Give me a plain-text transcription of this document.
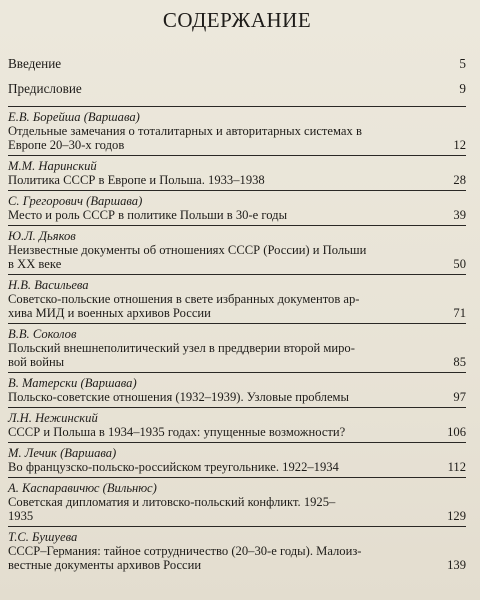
СОДЕРЖАНИЕ
Введение	5
Предисловие	9
Е.В. Борейша (Варшава)
Отдельные замечания о тоталитарных и авторитарных системах в
Европе 20–30-х годов	12
М.М. Наринский
Политика СССР в Европе и Польша. 1933–1938	28
С. Грегорович (Варшава)
Место и роль СССР в политике Польши в 30-е годы	39
Ю.Л. Дьяков
Неизвестные документы об отношениях СССР (России) и Польши
в XX веке	50
Н.В. Васильева
Советско-польские отношения в свете избранных документов ар-
хива МИД и военных архивов России	71
В.В. Соколов
Польский внешнеполитический узел в преддверии второй миро-
вой войны	85
В. Матерски (Варшава)
Польско-советские отношения (1932–1939). Узловые проблемы	97
Л.Н. Нежинский
СССР и Польша в 1934–1935 годах: упущенные возможности?	106
М. Лечик (Варшава)
Во французско-польско-российском треугольнике. 1922–1934	112
А. Каспаравичюс (Вильнюс)
Советская дипломатия и литовско-польский конфликт. 1925–
1935	129
Т.С. Бушуева
СССР–Германия: тайное сотрудничество (20–30-е годы). Малоиз-
вестные документы архивов России	139
